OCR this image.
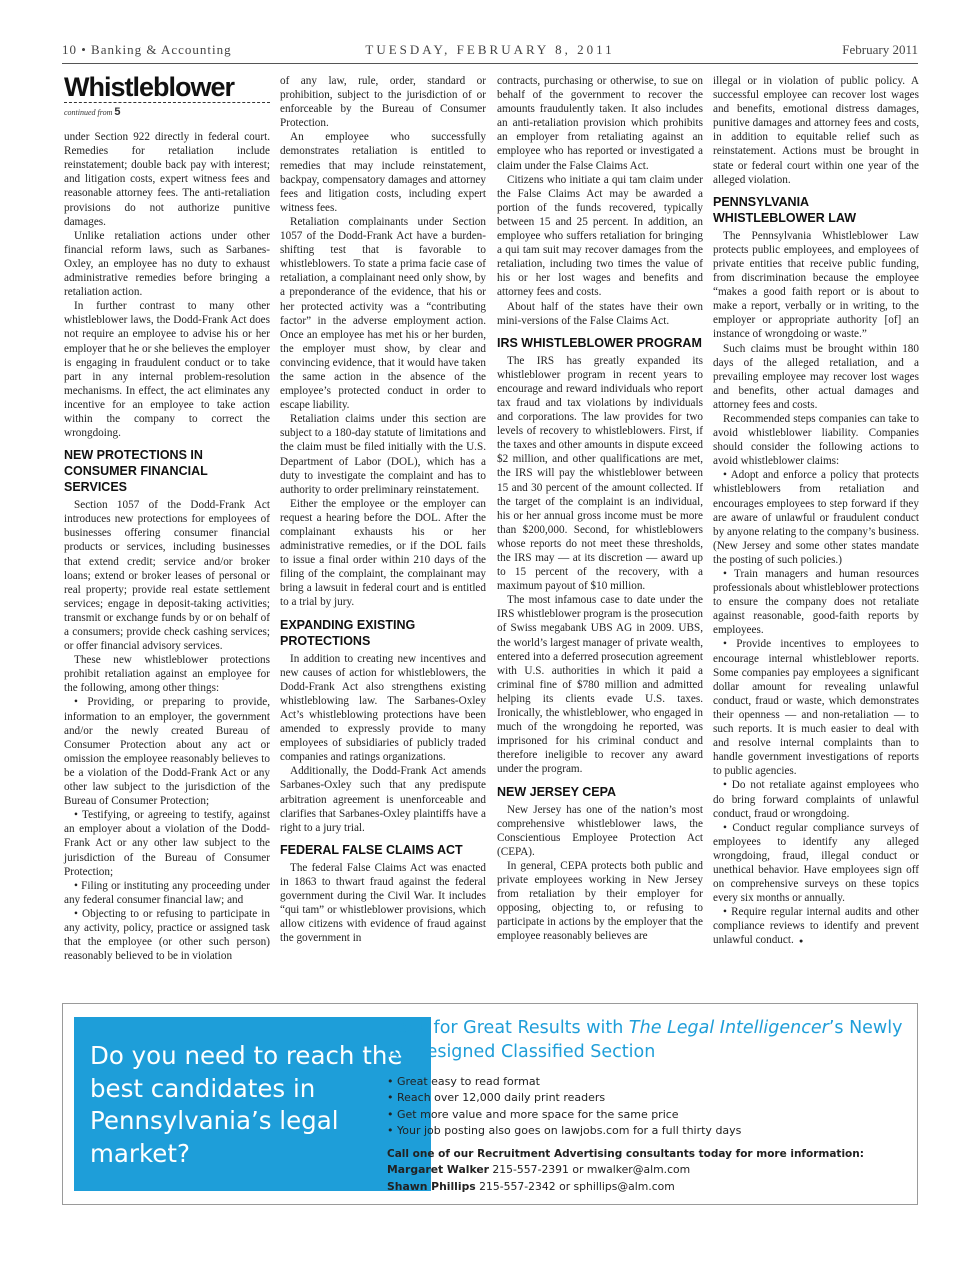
10 • Banking & Accounting	TUESDAY, FEBRUARY 8, 2011	February 2011
Whistleblower
continued from 5

under Section 922 directly in federal court. Remedies for retaliation include reinstatement; double back pay with interest; and litigation costs, expert witness fees and reasonable attorney fees. The anti-retaliation provisions do not authorize punitive damages.

Unlike retaliation actions under other financial reform laws, such as Sarbanes-Oxley, an employee has no duty to exhaust administrative remedies before bringing a retaliation action.

In further contrast to many other whistleblower laws, the Dodd-Frank Act does not require an employee to advise his or her employer that he or she believes the employer is engaging in fraudulent conduct or to take part in any internal problem-resolution mechanisms. In effect, the act eliminates any incentive for an employee to take action within the company to correct the wrongdoing.

NEW PROTECTIONS IN CONSUMER FINANCIAL SERVICES

Section 1057 of the Dodd-Frank Act introduces new protections for employees of businesses offering consumer financial products or services, including businesses that extend credit; service and/or broker loans; extend or broker leases of personal or real property; provide real estate settlement services; engage in deposit-taking activities; transmit or exchange funds by or on behalf of a consumers; provide check cashing services; or offer financial advisory services.

These new whistleblower protections prohibit retaliation against an employee for the following, among other things:

• Providing, or preparing to provide, information to an employer, the government and/or the newly created Bureau of Consumer Protection about any act or omission the employee reasonably believes to be a violation of the Dodd-Frank Act or any other law subject to the jurisdiction of the Bureau of Consumer Protection;

• Testifying, or agreeing to testify, against an employer about a violation of the Dodd-Frank Act or any other law subject to the jurisdiction of the Bureau of Consumer Protection;

• Filing or instituting any proceeding under any federal consumer financial law; and

• Objecting to or refusing to participate in any activity, policy, practice or assigned task that the employee (or other such person) reasonably believed to be in violation

of any law, rule, order, standard or prohibition, subject to the jurisdiction of or enforceable by the Bureau of Consumer Protection.

An employee who successfully demonstrates retaliation is entitled to remedies that may include reinstatement, backpay, compensatory damages and attorney fees and litigation costs, including expert witness fees.

Retaliation complainants under Section 1057 of the Dodd-Frank Act have a burden-shifting test that is favorable to whistleblowers. To state a prima facie case of retaliation, a complainant need only show, by a preponderance of the evidence, that his or her protected activity was a “contributing factor” in the adverse employment action. Once an employee has met his or her burden, the employer must show, by clear and convincing evidence, that it would have taken the same action in the absence of the employee’s protected conduct in order to escape liability.

Retaliation claims under this section are subject to a 180-day statute of limitations and the claim must be filed initially with the U.S. Department of Labor (DOL), which has a duty to investigate the complaint and has to authority to order preliminary reinstatement.

Either the employee or the employer can request a hearing before the DOL. After the complainant exhausts his or her administrative remedies, or if the DOL fails to issue a final order within 210 days of the filing of the complaint, the complainant may bring a lawsuit in federal court and is entitled to a trial by jury.

EXPANDING EXISTING PROTECTIONS

In addition to creating new incentives and new causes of action for whistleblowers, the Dodd-Frank Act also strengthens existing whistleblowing law. The Sarbanes-Oxley Act’s whistleblowing protections have been amended to expressly provide to many employees of subsidiaries of publicly traded companies and ratings organizations.

Additionally, the Dodd-Frank Act amends Sarbanes-Oxley such that any predispute arbitration agreement is unenforceable and clarifies that Sarbanes-Oxley plaintiffs have a right to a jury trial.

FEDERAL FALSE CLAIMS ACT

The federal False Claims Act was enacted in 1863 to thwart fraud against the federal government during the Civil War. It includes “qui tam” or whistleblower provisions, which allow citizens with evidence of fraud against the government in

contracts, purchasing or otherwise, to sue on behalf of the government to recover the amounts fraudulently taken. It also includes an anti-retaliation provision which prohibits an employer from retaliating against an employee who has reported or investigated a claim under the False Claims Act.

Citizens who initiate a qui tam claim under the False Claims Act may be awarded a portion of the funds recovered, typically between 15 and 25 percent. In addition, an employee who suffers retaliation for bringing a qui tam suit may recover damages from the retaliation, including two times the value of his or her lost wages and benefits and attorney fees and costs.

About half of the states have their own mini-versions of the False Claims Act.

IRS WHISTLEBLOWER PROGRAM

The IRS has greatly expanded its whistleblower program in recent years to encourage and reward individuals who report tax fraud and tax violations by individuals and corporations. The law provides for two levels of recovery to whistleblowers. First, if the taxes and other amounts in dispute exceed $2 million, and other qualifications are met, the IRS will pay the whistleblower between 15 and 30 percent of the amount collected. If the target of the complaint is an individual, his or her annual gross income must be more than $200,000. Second, for whistleblowers whose reports do not meet these thresholds, the IRS may — at its discretion — award up to 15 percent of the recovery, with a maximum payout of $10 million.

The most infamous case to date under the IRS whistleblower program is the prosecution of Swiss megabank UBS AG in 2009. UBS, the world’s largest manager of private wealth, entered into a deferred prosecution agreement with U.S. authorities in which it paid a criminal fine of $780 million and admitted helping its clients evade U.S. taxes. Ironically, the whistleblower, who engaged in much of the wrongdoing he reported, was imprisoned for his criminal conduct and therefore ineligible to recover any award under the program.

NEW JERSEY CEPA

New Jersey has one of the nation’s most comprehensive whistleblower laws, the Conscientious Employee Protection Act (CEPA).

In general, CEPA protects both public and private employees working in New Jersey from retaliation by their employer for opposing, objecting to, or refusing to participate in actions by the employer that the employee reasonably believes are

illegal or in violation of public policy. A successful employee can recover lost wages and benefits, emotional distress damages, punitive damages and attorney fees and costs, in addition to equitable relief such as reinstatement. Actions must be brought in state or federal court within one year of the alleged violation.

PENNSYLVANIA WHISTLEBLOWER LAW

The Pennsylvania Whistleblower Law protects public employees, and employees of private entities that receive public funding, from discrimination because the employee “makes a good faith report or is about to make a report, verbally or in writing, to the employer or appropriate authority [of] an instance of wrongdoing or waste.”

Such claims must be brought within 180 days of the alleged retaliation, and a prevailing employee may recover lost wages and benefits, other actual damages and attorney fees and costs.

Recommended steps companies can take to avoid whistleblower liability. Companies should consider the following actions to avoid whistleblower claims:

• Adopt and enforce a policy that protects whistleblowers from retaliation and encourages employees to step forward if they are aware of unlawful or fraudulent conduct by anyone relating to the company’s business. (New Jersey and some other states mandate the posting of such policies.)

• Train managers and human resources professionals about whistleblower protections to ensure the company does not retaliate against reasonable, good-faith reports by employees.

• Provide incentives to employees to encourage internal whistleblower reports. Some companies pay employees a significant dollar amount for revealing unlawful conduct, fraud or waste, which demonstrates their openness — and non-retaliation — to such reports. It is much easier to deal with and resolve internal complaints than to handle government investigations of reports to public agencies.

• Do not retaliate against employees who do bring forward complaints of unlawful conduct, fraud or wrongdoing.

• Conduct regular compliance surveys of employees to identify any alleged wrongdoing, fraud, illegal conduct or unethical behavior. Have employees sign off on comprehensive surveys on these topics every six months or annually.

• Require regular internal audits and other compliance reviews to identify and prevent unlawful conduct.   ●

Do you need to reach the best candidates in Pennsylvania’s legal market?
Look for Great Results with The Legal Intelligencer’s Newly Re-designed Classified Section
• Great easy to read format
• Reach over 12,000 daily print readers
• Get more value and more space for the same price
• Your job posting also goes on lawjobs.com for a full thirty days
Call one of our Recruitment Advertising consultants today for more information:
Margaret Walker 215-557-2391 or mwalker@alm.com
Shawn Phillips 215-557-2342 or sphillips@alm.com
